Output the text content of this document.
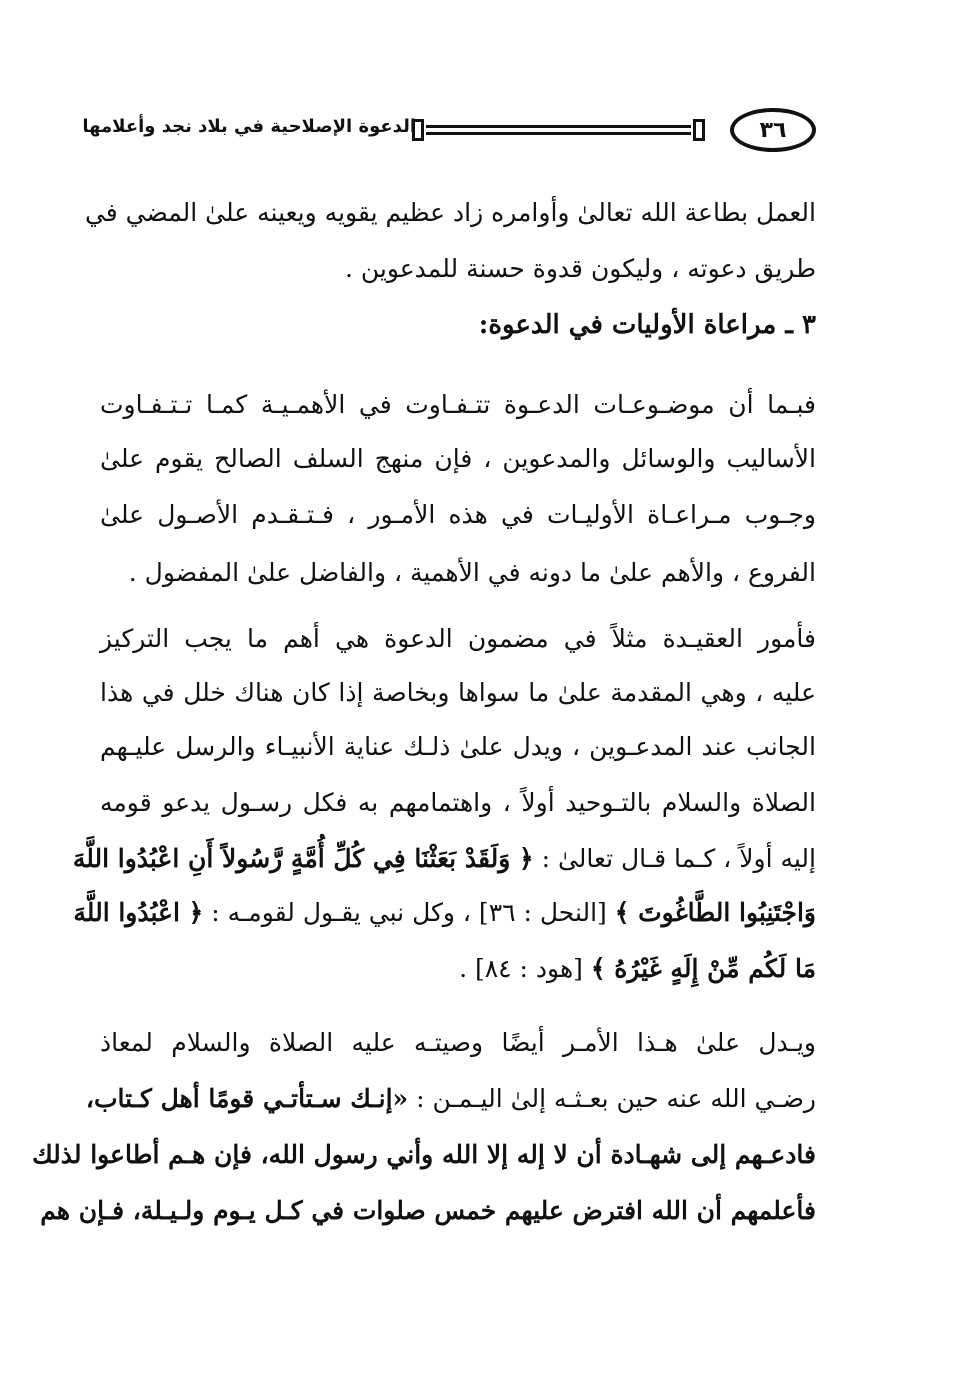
٣٦
الدعوة الإصلاحية في بلاد نجد وأعلامها
العمل بطاعة الله تعالىٰ وأوامره زاد عظيم يقويه ويعينه علىٰ المضي في
طريق دعوته ، وليكون قدوة حسنة للمدعوين .
٣ ـ مراعاة الأوليات في الدعوة:
فبـما أن موضـوعـات الدعـوة تتـفـاوت في الأهمـيـة كمـا تـتـفـاوت
الأساليب والوسائل والمدعوين ، فإن منهج السلف الصالح يقوم علىٰ
وجـوب مـراعـاة الأوليـات في هذه الأمـور ، فـتـقـدم الأصـول علىٰ
الفروع ، والأهم علىٰ ما دونه في الأهمية ، والفاضل علىٰ المفضول .
فأمور العقيـدة مثلاً في مضمون الدعوة هي أهم ما يجب التركيز
عليه ، وهي المقدمة علىٰ ما سواها وبخاصة إذا كان هناك خلل في هذا
الجانب عند المدعـوين ، ويدل علىٰ ذلـك عناية الأنبيـاء والرسل عليـهم
الصلاة والسلام بالتـوحيد أولاً ، واهتمامهم به فكل رسـول يدعو قومه
إليه أولاً ، كـما قـال تعالىٰ : ﴿ وَلَقَدْ بَعَثْنَا فِي كُلِّ أُمَّةٍ رَّسُولاً أَنِ اعْبُدُوا اللَّهَ
وَاجْتَنِبُوا الطَّاغُوتَ ﴾ [النحل : ٣٦] ، وكل نبي يقـول لقومـه : ﴿ اعْبُدُوا اللَّهَ
مَا لَكُم مِّنْ إِلَهٍ غَيْرُهُ ﴾ [هود : ٨٤] .
ويـدل علىٰ هـذا الأمـر أيضًا وصيتـه عليه الصلاة والسلام لمعاذ
رضـي الله عنه حين بعـثـه إلىٰ اليـمـن : «إنـك سـتأتـي قومًا أهل كـتاب،
فادعـهم إلى شهـادة أن لا إله إلا الله وأني رسول الله، فإن هـم أطاعوا لذلك
فأعلمهم أن الله افترض عليهم خمس صلوات في كـل يـوم ولـيـلة، فـإن هم
